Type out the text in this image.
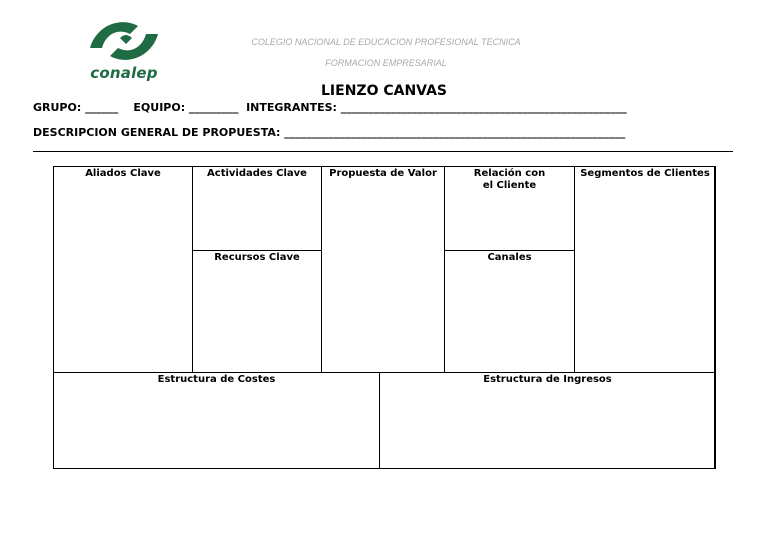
conalep
COLEGIO NACIONAL DE EDUCACION PROFESIONAL TECNICA
FORMACION EMPRESARIAL
LIENZO CANVAS
GRUPO: ______    EQUIPO: _________  INTEGRANTES: ____________________________________________________
DESCRIPCION GENERAL DE PROPUESTA: ______________________________________________________________
Aliados Clave	Actividades Clave
Recursos Clave
Propuesta de Valor	Relación con el Cliente
Canales
Segmentos de Clientes
Estructura de Costes	Estructura de Ingresos
